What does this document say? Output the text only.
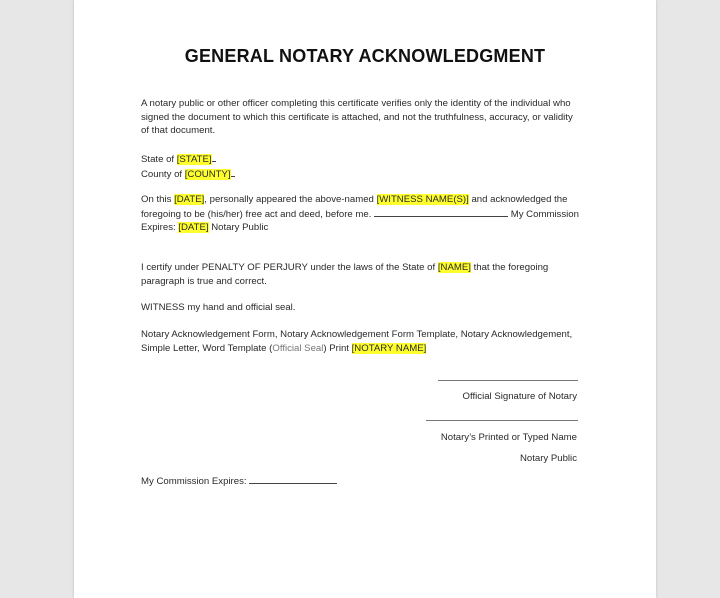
GENERAL NOTARY ACKNOWLEDGMENT

A notary public or other officer completing this certificate verifies only the identity of the individual who signed the document to which this certificate is attached, and not the truthfulness, accuracy, or validity of that document.

State of [STATE]

County of [COUNTY]

On this [DATE], personally appeared the above-named [WITNESS NAME(S)] and acknowledged the foregoing to be (his/her) free act and deed, before me.	My Commission Expires: [DATE] Notary Public

I certify under PENALTY OF PERJURY under the laws of the State of [NAME] that the foregoing paragraph is true and correct.

WITNESS my hand and official seal.

Notary Acknowledgement Form, Notary Acknowledgement Form Template, Notary Acknowledgement, Simple Letter, Word Template (Official Seal) Print [NOTARY NAME]

Official Signature of Notary
Notary’s Printed or Typed Name
Notary Public
My Commission Expires:
